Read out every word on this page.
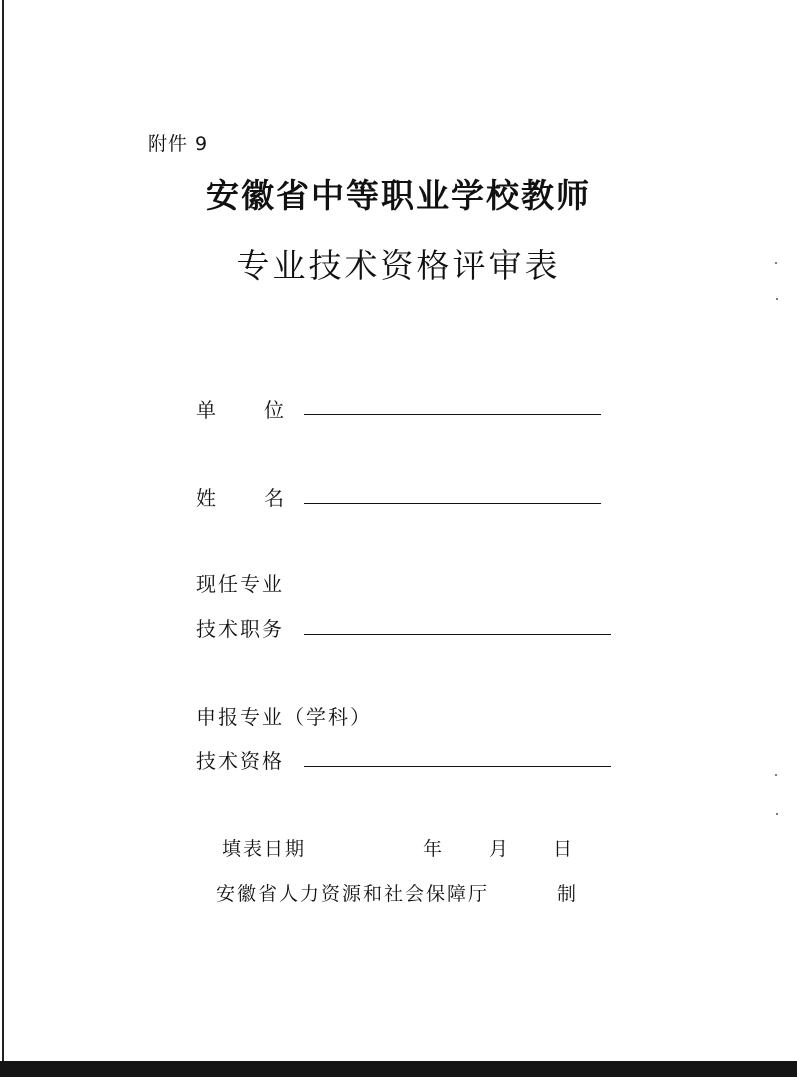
附件 9
安徽省中等职业学校教师
专业技术资格评审表
单 位
姓 名
现任专业
技术职务
申报专业（学科）
技术资格
填表日期	年 月 日
安徽省人力资源和社会保障厅	制
